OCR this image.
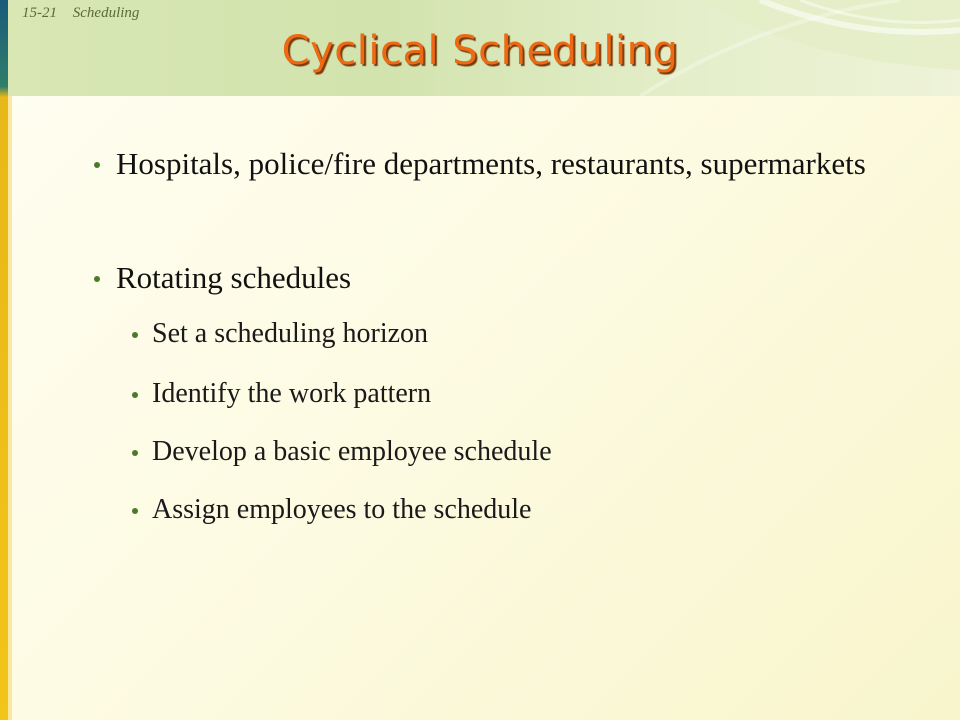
15-21 Scheduling
Cyclical Scheduling
Hospitals, police/fire departments, restaurants, supermarkets
Rotating schedules
Set a scheduling horizon
Identify the work pattern
Develop a basic employee schedule
Assign employees to the schedule
